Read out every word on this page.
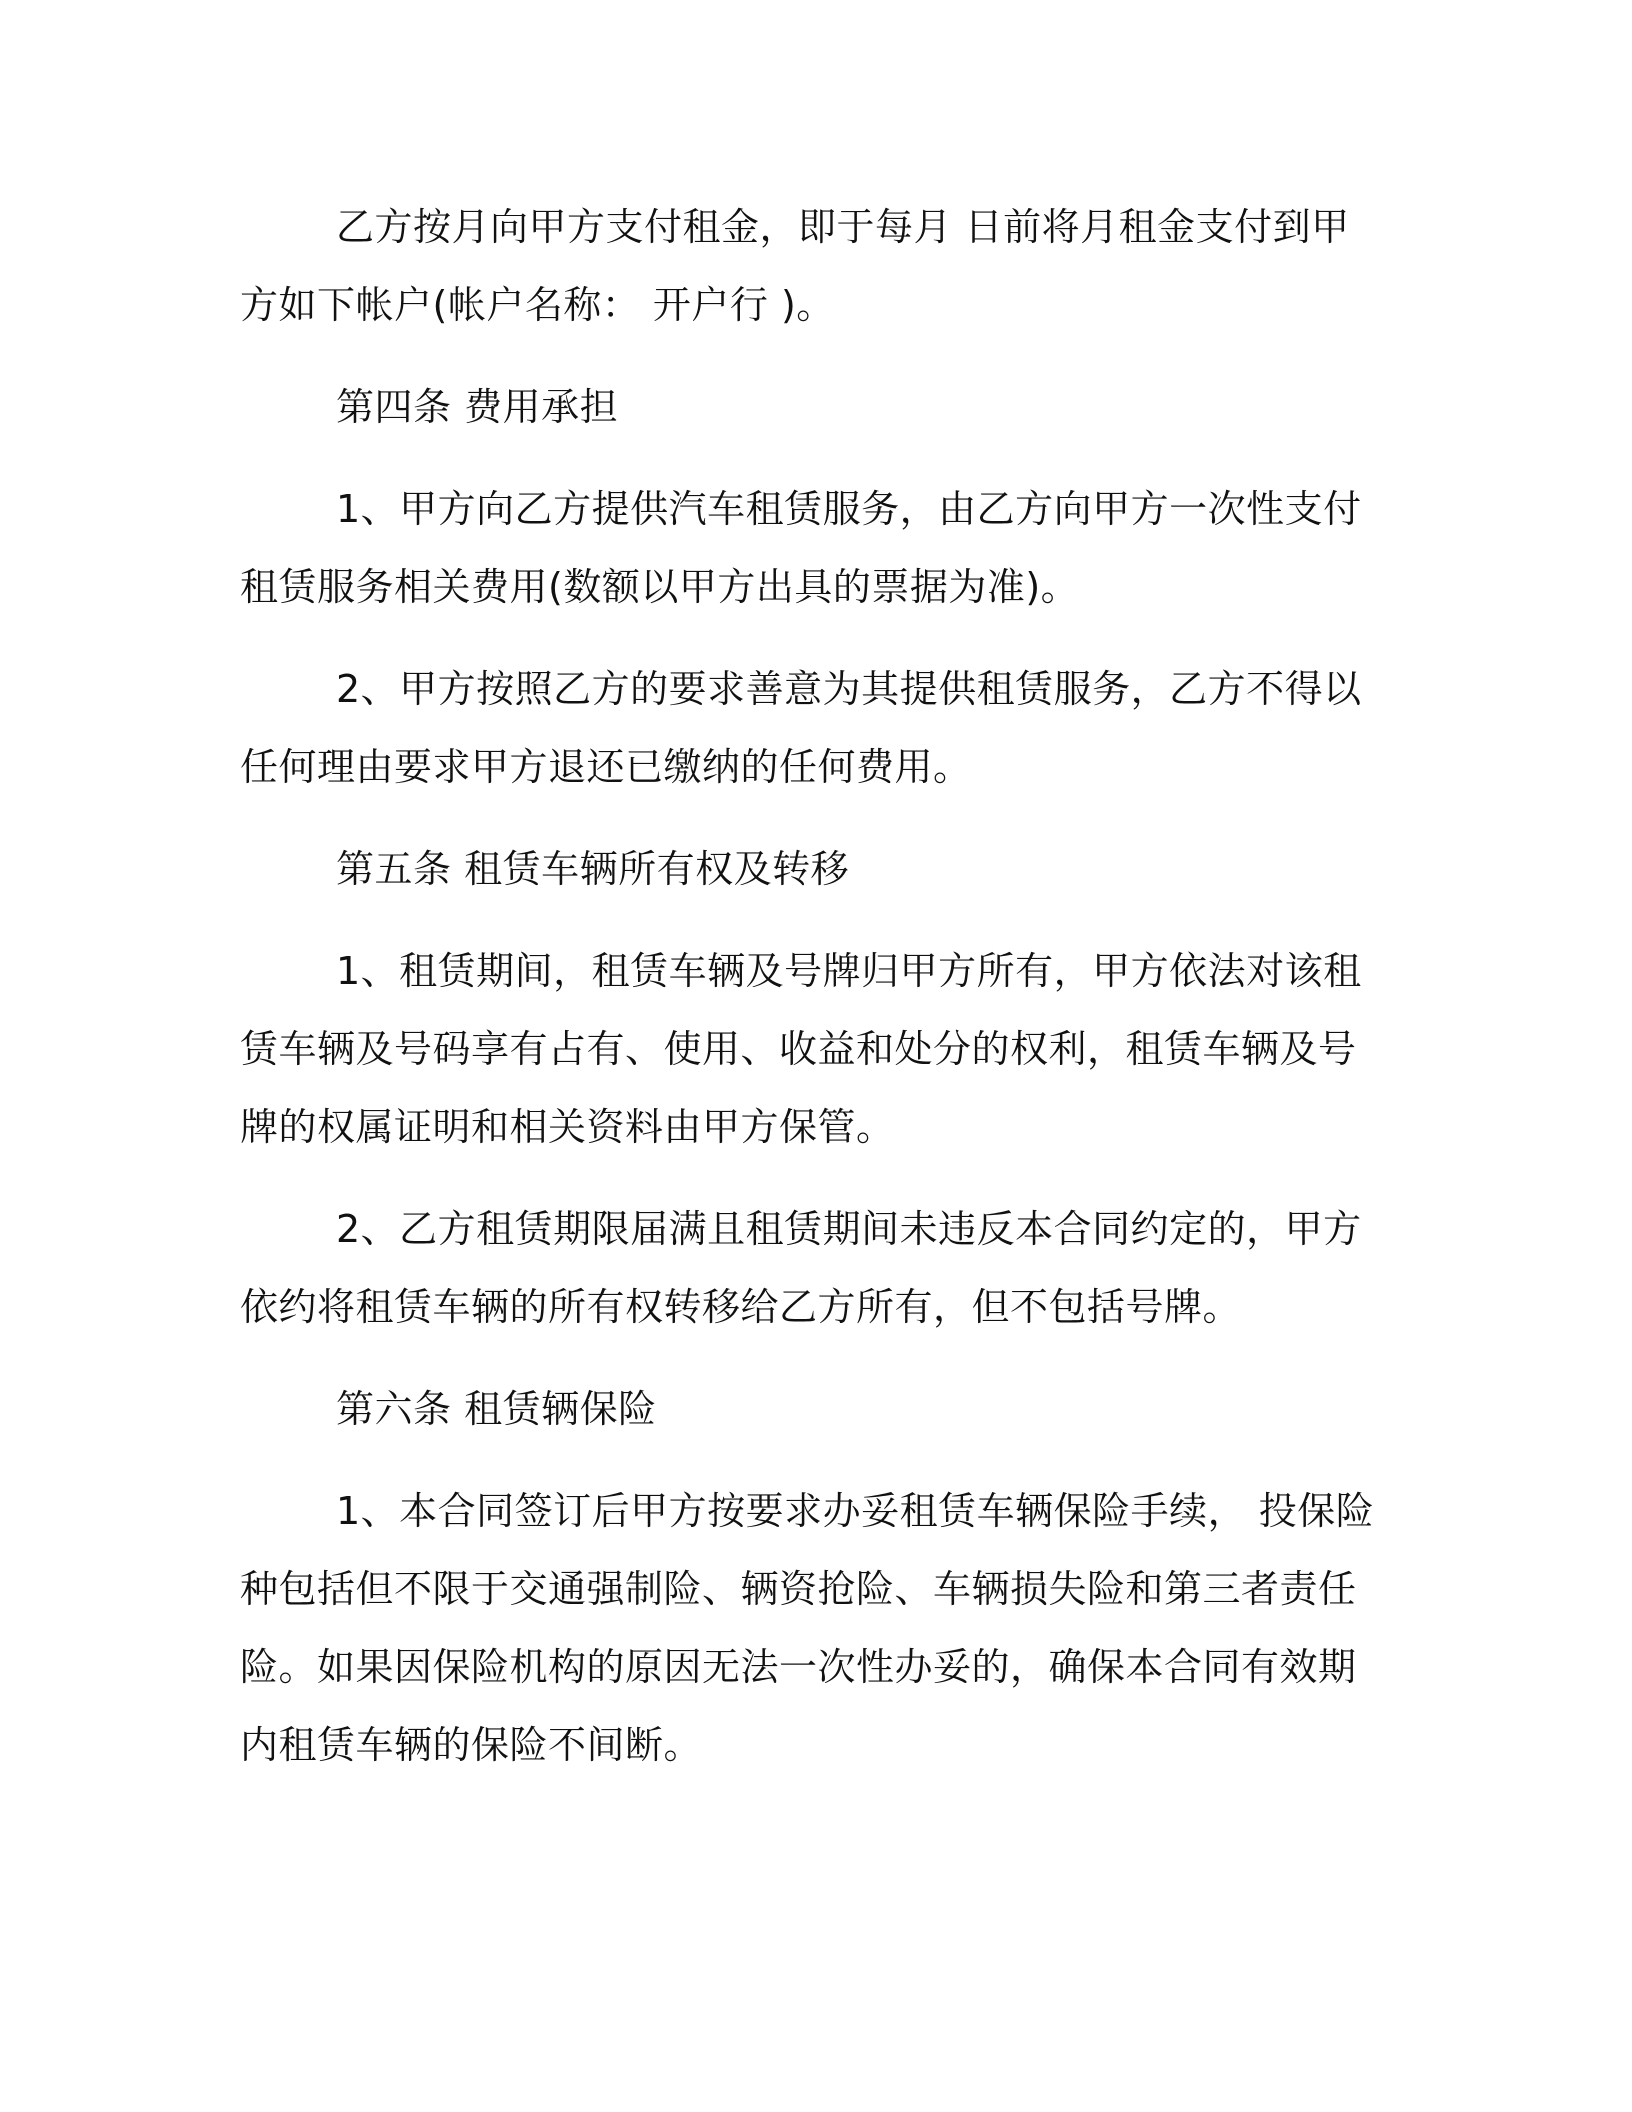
乙方按月向甲方支付租金，即于每月 日前将月租金支付到甲方如下帐户(帐户名称： 开户行 )。

第四条 费用承担

1、甲方向乙方提供汽车租赁服务，由乙方向甲方一次性支付租赁服务相关费用(数额以甲方出具的票据为准)。

2、甲方按照乙方的要求善意为其提供租赁服务，乙方不得以任何理由要求甲方退还已缴纳的任何费用。

第五条 租赁车辆所有权及转移

1、租赁期间，租赁车辆及号牌归甲方所有，甲方依法对该租赁车辆及号码享有占有、使用、收益和处分的权利，租赁车辆及号牌的权属证明和相关资料由甲方保管。

2、乙方租赁期限届满且租赁期间未违反本合同约定的，甲方依约将租赁车辆的所有权转移给乙方所有，但不包括号牌。

第六条 租赁辆保险

1、本合同签订后甲方按要求办妥租赁车辆保险手续， 投保险种包括但不限于交通强制险、辆资抢险、车辆损失险和第三者责任险。如果因保险机构的原因无法一次性办妥的，确保本合同有效期内租赁车辆的保险不间断。
